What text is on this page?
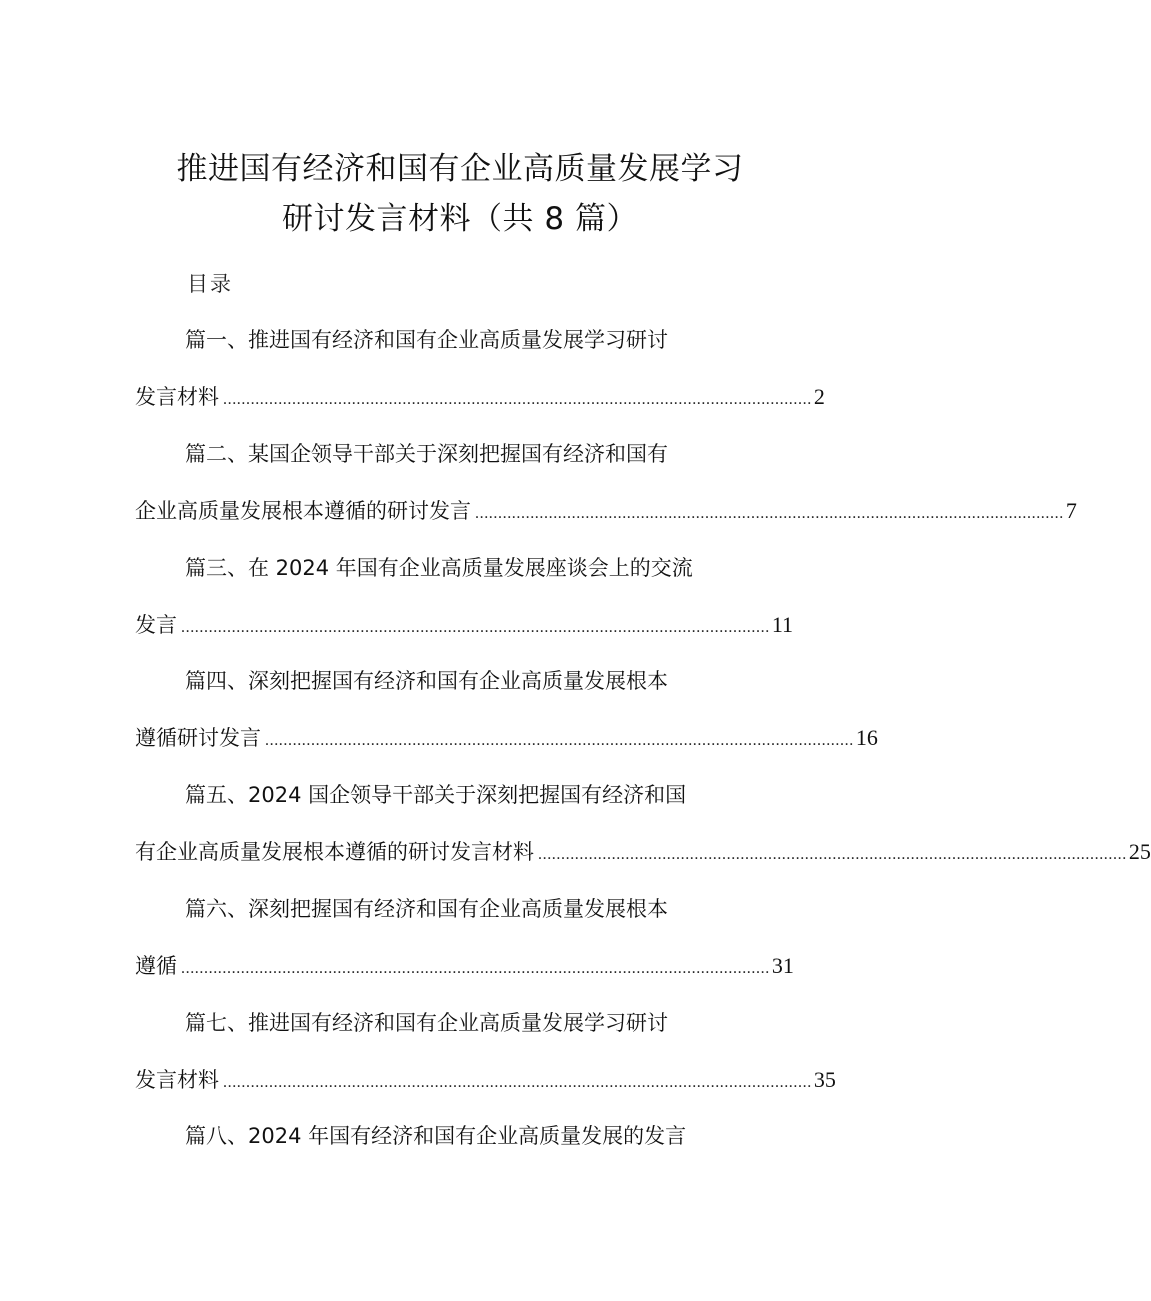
推进国有经济和国有企业高质量发展学习
研讨发言材料（共 8 篇）
目录
篇一、推进国有经济和国有企业高质量发展学习研讨
发言材料 ................................................................................................................................ 2
篇二、某国企领导干部关于深刻把握国有经济和国有
企业高质量发展根本遵循的研讨发言 ................................................................................................................................ 7
篇三、在 2024 年国有企业高质量发展座谈会上的交流
发言 ................................................................................................................................ 11
篇四、深刻把握国有经济和国有企业高质量发展根本
遵循研讨发言 ................................................................................................................................ 16
篇五、2024 国企领导干部关于深刻把握国有经济和国
有企业高质量发展根本遵循的研讨发言材料 ................................................................................................................................ 25
篇六、深刻把握国有经济和国有企业高质量发展根本
遵循 ................................................................................................................................ 31
篇七、推进国有经济和国有企业高质量发展学习研讨
发言材料 ................................................................................................................................ 35
篇八、2024 年国有经济和国有企业高质量发展的发言
